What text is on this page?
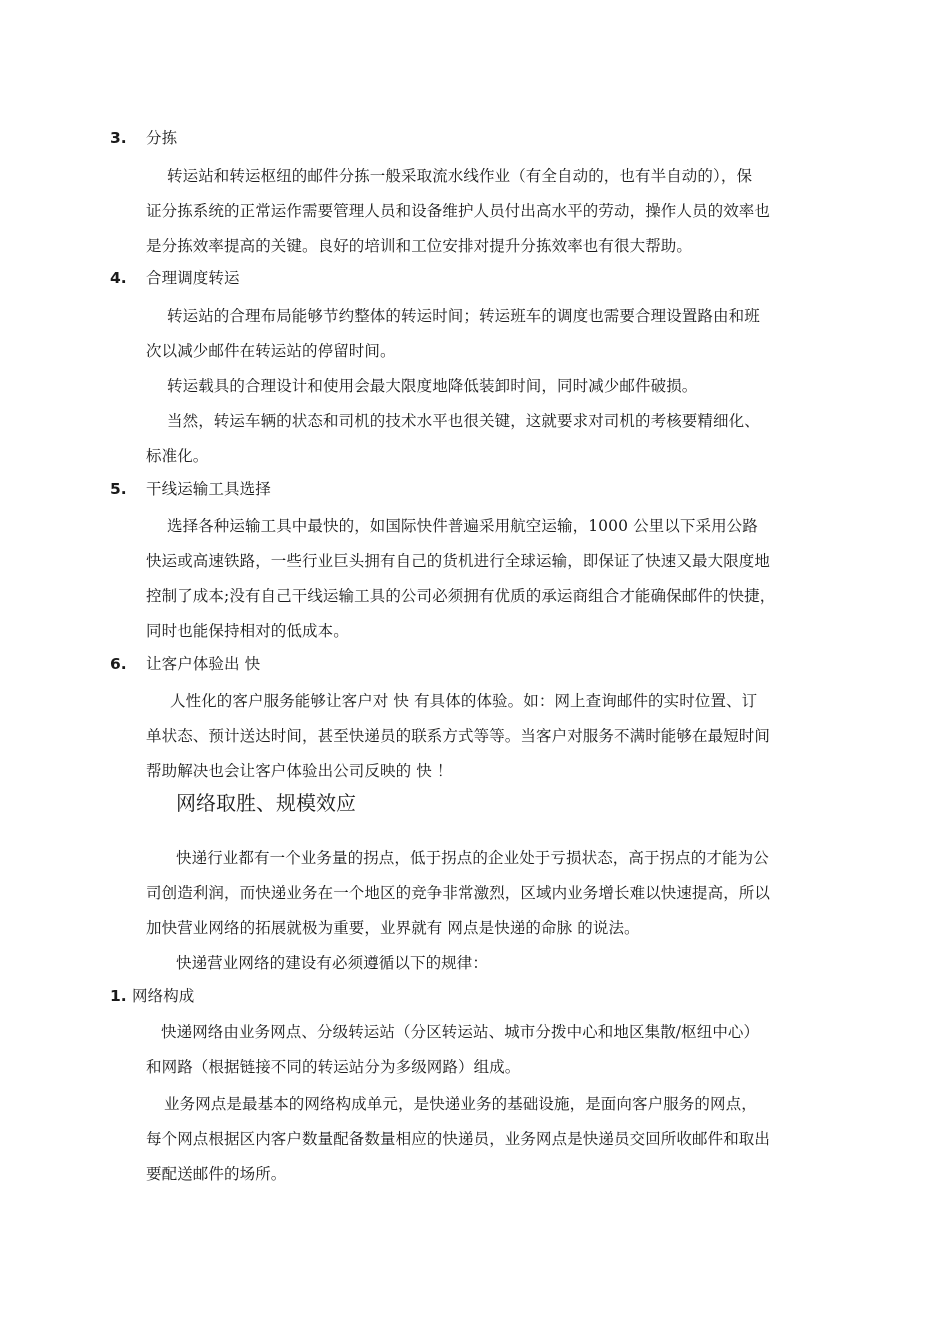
3. 分拣
转运站和转运枢纽的邮件分拣一般采取流水线作业（有全自动的，也有半自动的），保
证分拣系统的正常运作需要管理人员和设备维护人员付出高水平的劳动，操作人员的效率也
是分拣效率提高的关键。良好的培训和工位安排对提升分拣效率也有很大帮助。
4. 合理调度转运
转运站的合理布局能够节约整体的转运时间；转运班车的调度也需要合理设置路由和班
次以减少邮件在转运站的停留时间。
转运载具的合理设计和使用会最大限度地降低装卸时间，同时减少邮件破损。
当然，转运车辆的状态和司机的技术水平也很关键，这就要求对司机的考核要精细化、
标准化。
5. 干线运输工具选择
选择各种运输工具中最快的，如国际快件普遍采用航空运输，1000 公里以下采用公路
快运或高速铁路，一些行业巨头拥有自己的货机进行全球运输，即保证了快速又最大限度地
控制了成本;没有自己干线运输工具的公司必须拥有优质的承运商组合才能确保邮件的快捷，
同时也能保持相对的低成本。
6. 让客户体验出 快
人性化的客户服务能够让客户对 快 有具体的体验。如：网上查询邮件的实时位置、订
单状态、预计送达时间，甚至快递员的联系方式等等。当客户对服务不满时能够在最短时间
帮助解决也会让客户体验出公司反映的 快 ！
网络取胜、规模效应
快递行业都有一个业务量的拐点，低于拐点的企业处于亏损状态，高于拐点的才能为公
司创造利润，而快递业务在一个地区的竞争非常激烈，区域内业务增长难以快速提高，所以
加快营业网络的拓展就极为重要，业界就有 网点是快递的命脉 的说法。
快递营业网络的建设有必须遵循以下的规律：
1. 网络构成
快递网络由业务网点、分级转运站（分区转运站、城市分拨中心和地区集散/枢纽中心）
和网路（根据链接不同的转运站分为多级网路）组成。
业务网点是最基本的网络构成单元，是快递业务的基础设施，是面向客户服务的网点，
每个网点根据区内客户数量配备数量相应的快递员，业务网点是快递员交回所收邮件和取出
要配送邮件的场所。
